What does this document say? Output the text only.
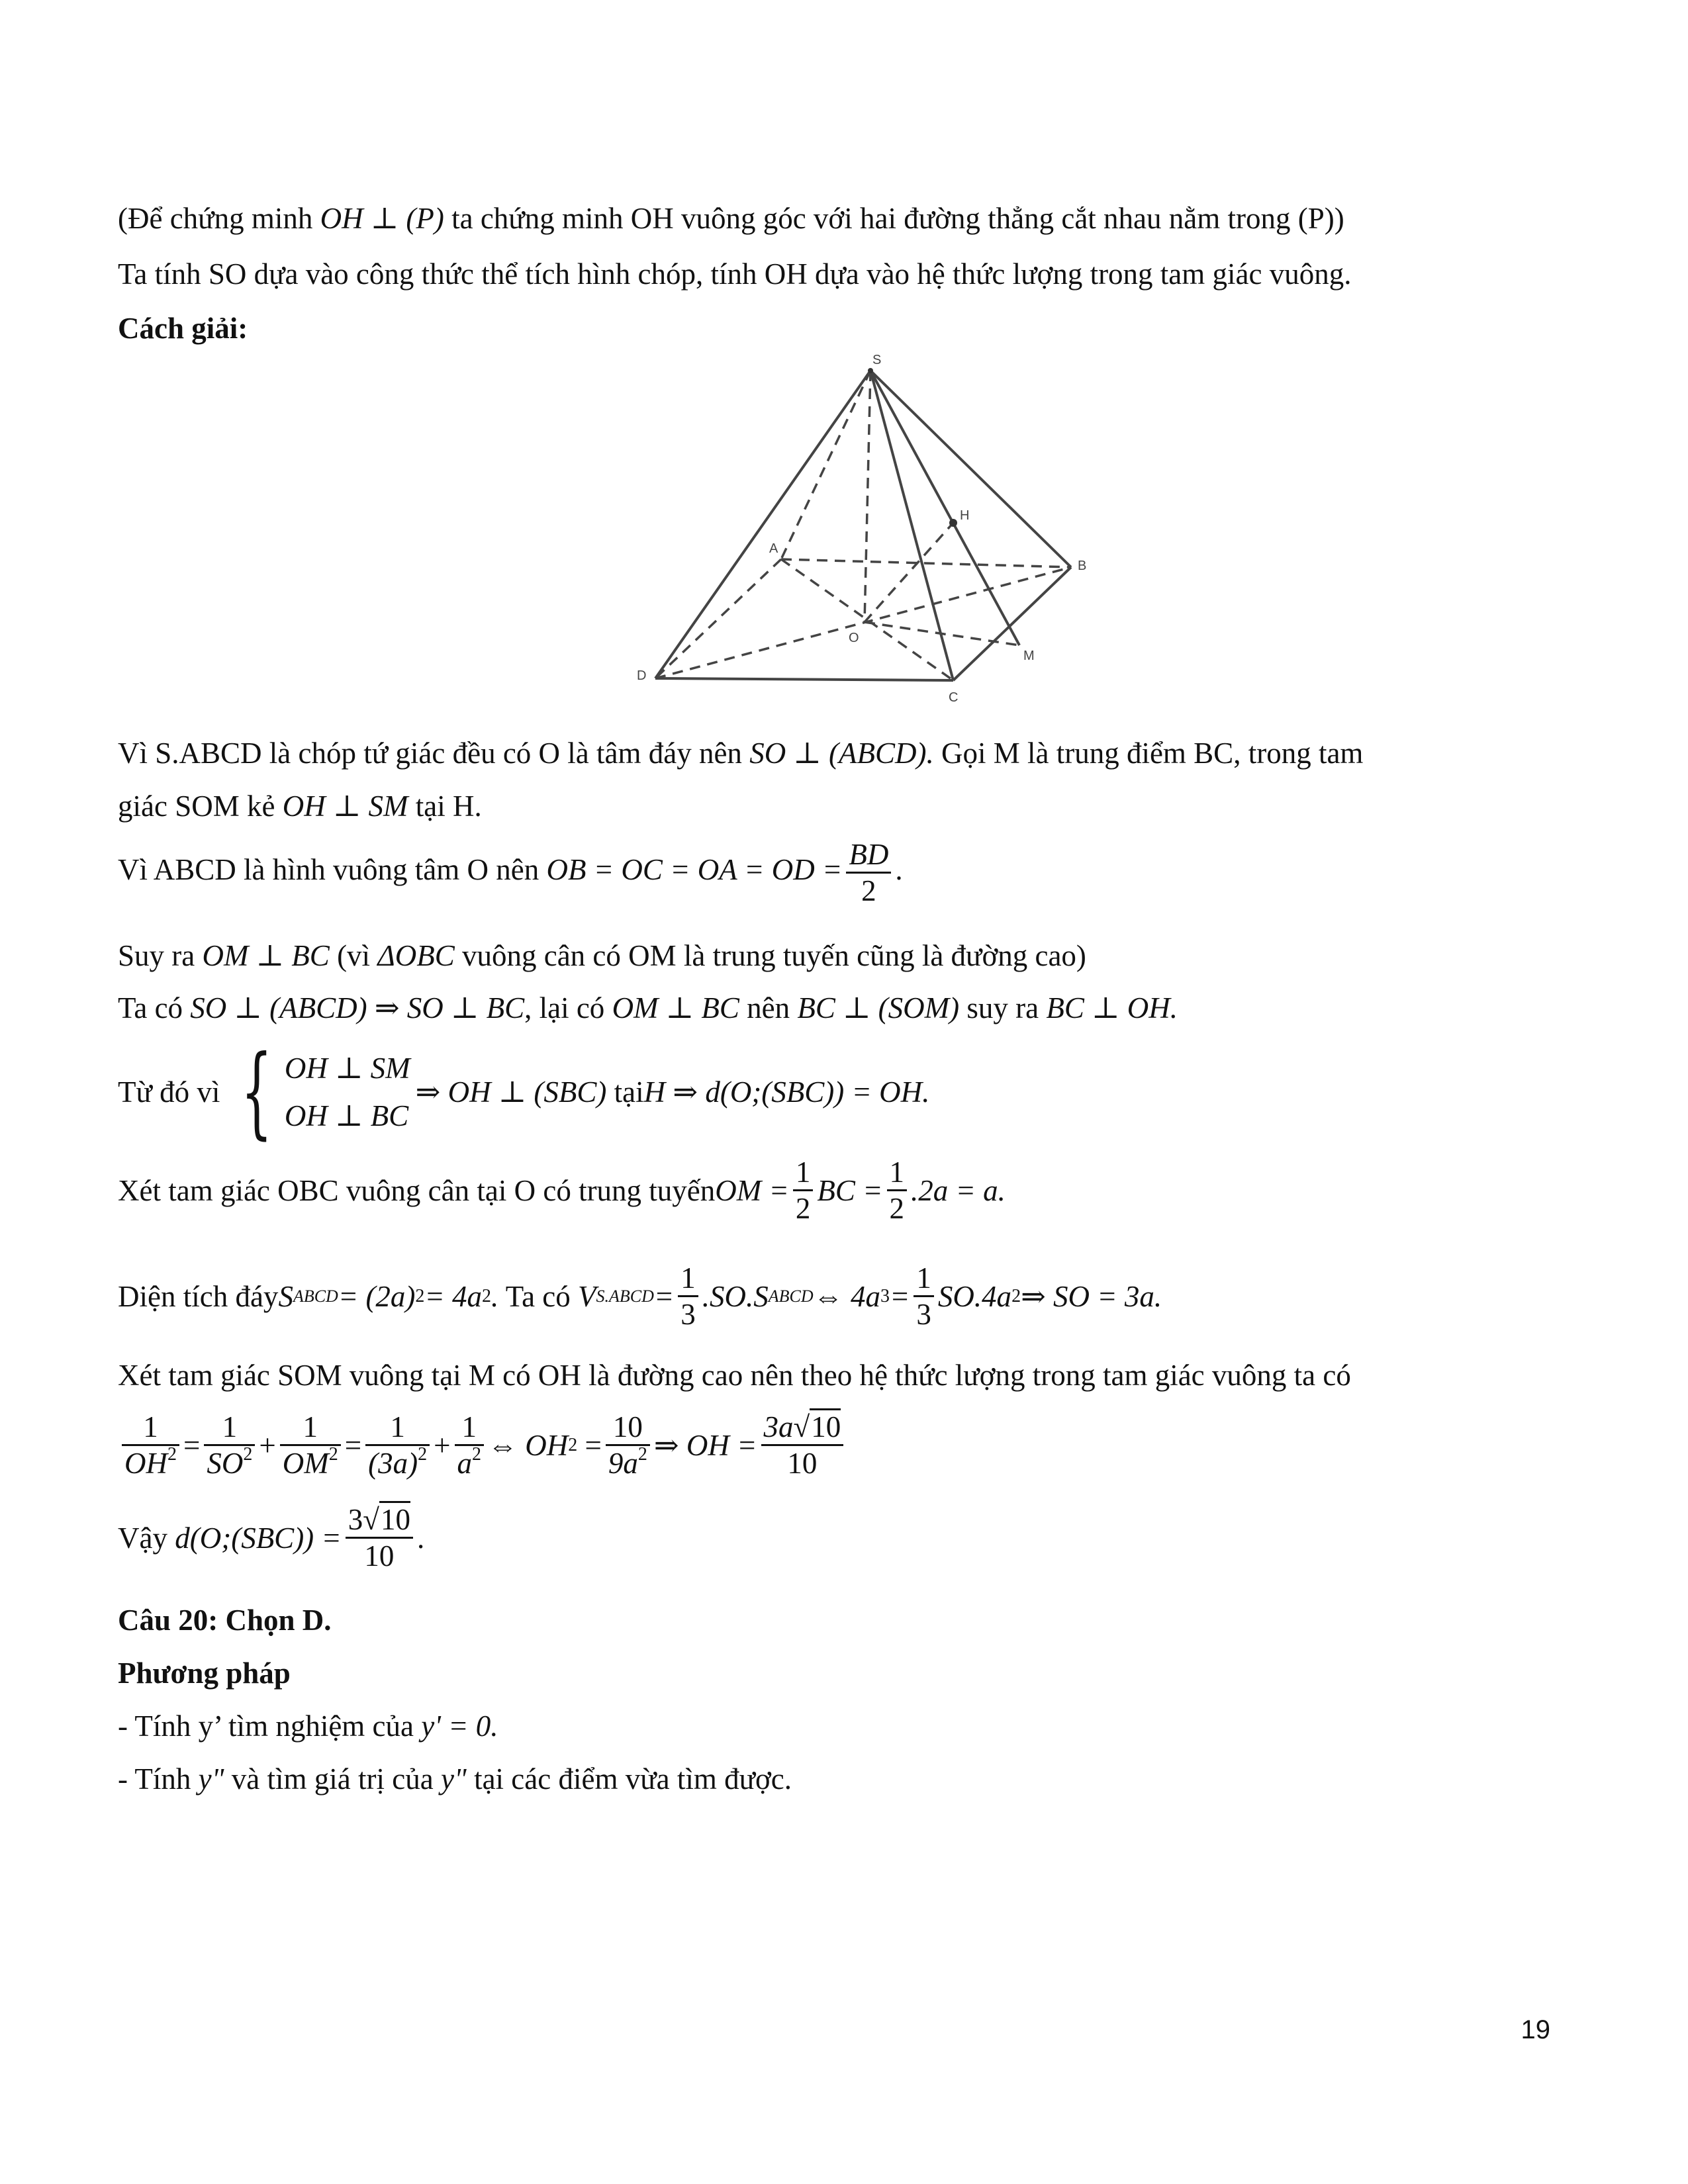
(Để chứng minh OH ⊥ (P) ta chứng minh OH vuông góc với hai đường thẳng cắt nhau nằm trong (P))
Ta tính SO dựa vào công thức thể tích hình chóp, tính OH dựa vào hệ thức lượng trong tam giác vuông.
Cách giải:
S
A
B
C
D
O
H
M
Vì S.ABCD là chóp tứ giác đều có O là tâm đáy nên SO ⊥ (ABCD). Gọi M là trung điểm BC, trong tam
giác SOM kẻ OH ⊥ SM tại H.
Vì ABCD là hình vuông tâm O nên OB = OC = OA = OD = $\frac{BD}{2}$ .
Suy ra OM ⊥ BC (vì ΔOBC vuông cân có OM là trung tuyến cũng là đường cao)
Ta có SO ⊥ (ABCD) ⇒ SO ⊥ BC, lại có OM ⊥ BC nên BC ⊥ (SOM) suy ra BC ⊥ OH.
Từ đó vì { OH ⊥ SM
OH ⊥ BC
⇒ OH ⊥ (SBC)
tại H ⇒ d(O;(SBC)) = OH.
Xét tam giác OBC vuông cân tại O có trung tuyến OM = $\frac{1}{2}$ BC = $\frac{1}{2} .2a = a$.
Diện tích đáy S ABCD = (2a) 2 = 4a 2 . Ta có V S.ABCD = $\frac{1}{3} .SO.S$ ABCD ⇔ 4a $3 = \frac{1}{3} SO.4a$ 2 ⇒ SO = 3a.
Xét tam giác SOM vuông tại M có OH là đường cao nên theo hệ thức lượng trong tam giác vuông ta có
$\frac{1}{OH^2} = \frac{1}{SO^2} + \frac{1}{OM^2} = \frac{1}{(3a)^2} + \frac{1}{a^2}$ ⇔ OH $2 = \frac{10}{9a^2}$ ⇒ OH = $\frac{3a√10}{10}$
Vậy d(O;(SBC)) = $\frac{3√10}{10}$ .
Câu 20: Chọn D.
Phương pháp
- Tính y’ tìm nghiệm của y' = 0.
- Tính y" và tìm giá trị của y" tại các điểm vừa tìm được.
19
